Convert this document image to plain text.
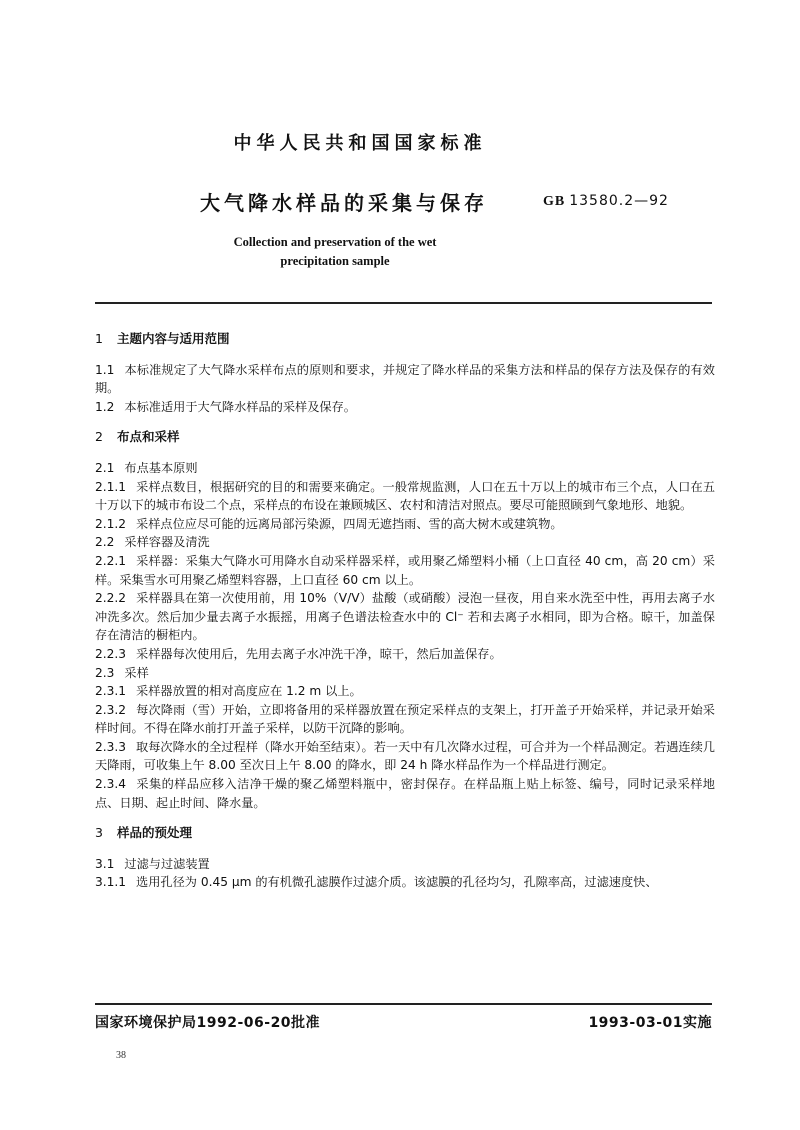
中华人民共和国国家标准
大气降水样品的采集与保存	GB 13580.2—92
Collection and preservation of the wet
precipitation sample
1 主题内容与适用范围

1.1 本标准规定了大气降水采样布点的原则和要求，并规定了降水样品的采集方法和样品的保存方法及保存的有效期。

1.2 本标准适用于大气降水样品的采样及保存。

2 布点和采样

2.1 布点基本原则

2.1.1 采样点数目，根据研究的目的和需要来确定。一般常规监测，人口在五十万以上的城市布三个点，人口在五十万以下的城市布设二个点，采样点的布设在兼顾城区、农村和清洁对照点。要尽可能照顾到气象地形、地貌。

2.1.2 采样点位应尽可能的远离局部污染源，四周无遮挡雨、雪的高大树木或建筑物。

2.2 采样容器及清洗

2.2.1 采样器：采集大气降水可用降水自动采样器采样，或用聚乙烯塑料小桶（上口直径 40 cm，高 20 cm）采样。采集雪水可用聚乙烯塑料容器，上口直径 60 cm 以上。

2.2.2 采样器具在第一次使用前，用 10%（V/V）盐酸（或硝酸）浸泡一昼夜，用自来水洗至中性，再用去离子水冲洗多次。然后加少量去离子水振摇，用离子色谱法检查水中的 Cl⁻ 若和去离子水相同，即为合格。晾干，加盖保存在清洁的橱柜内。

2.2.3 采样器每次使用后，先用去离子水冲洗干净，晾干，然后加盖保存。

2.3 采样

2.3.1 采样器放置的相对高度应在 1.2 m 以上。

2.3.2 每次降雨（雪）开始，立即将备用的采样器放置在预定采样点的支架上，打开盖子开始采样，并记录开始采样时间。不得在降水前打开盖子采样，以防干沉降的影响。

2.3.3 取每次降水的全过程样（降水开始至结束）。若一天中有几次降水过程，可合并为一个样品测定。若遇连续几天降雨，可收集上午 8.00 至次日上午 8.00 的降水，即 24 h 降水样品作为一个样品进行测定。

2.3.4 采集的样品应移入洁净干燥的聚乙烯塑料瓶中，密封保存。在样品瓶上贴上标签、编号，同时记录采样地点、日期、起止时间、降水量。

3 样品的预处理

3.1 过滤与过滤装置

3.1.1 选用孔径为 0.45 μm 的有机微孔滤膜作过滤介质。该滤膜的孔径均匀，孔隙率高，过滤速度快、

国家环境保护局1992-06-20批准	1993-03-01实施
38
